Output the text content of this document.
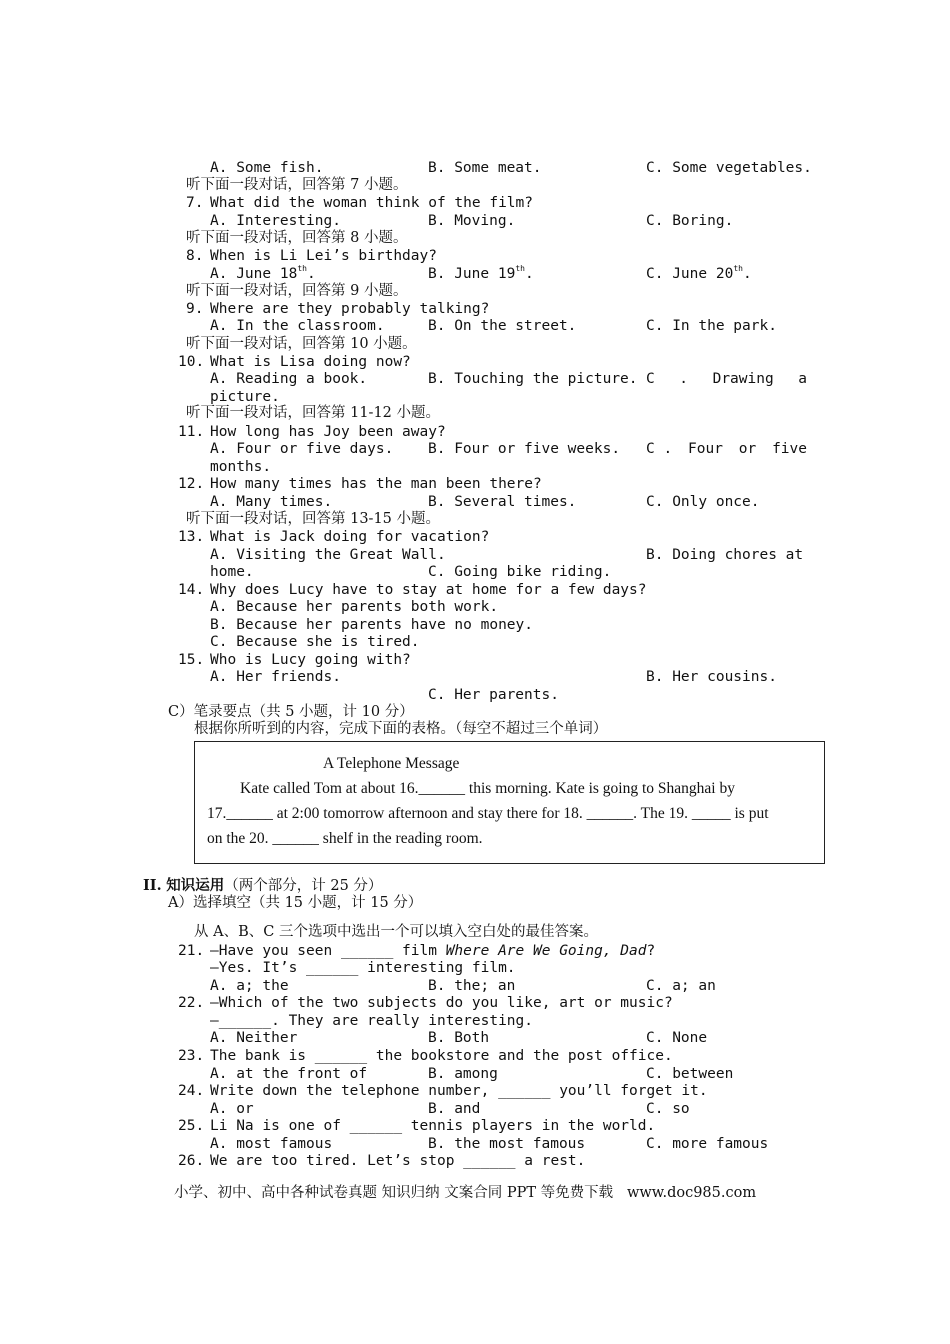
A. Some fish.	B. Some meat.	C. Some vegetables.
听下面一段对话，回答第 7 小题。
7. What did the woman think of the film?
A. Interesting.	B. Moving.	C. Boring.
听下面一段对话，回答第 8 小题。
8. When is Li Lei’s birthday?
A. June 18th.	B. June 19th.	C. June 20th.
听下面一段对话，回答第 9 小题。
9. Where are they probably talking?
A. In the classroom.	B. On the street.	C. In the park.
听下面一段对话，回答第 10 小题。
10. What is Lisa doing now?
A. Reading a book.	B. Touching the picture. C . Drawing a
picture.
听下面一段对话，回答第 11-12 小题。
11. How long has Joy been away?
A. Four or five days. B. Four or five weeks. C . Four or five
months.
12. How many times has the man been there?
A. Many times.	B. Several times.	C. Only once.
听下面一段对话，回答第 13-15 小题。
13. What is Jack doing for vacation?
A. Visiting the Great Wall.	B. Doing chores at
home.	C. Going bike riding.
14. Why does Lucy have to stay at home for a few days?
A. Because her parents both work.
B. Because her parents have no money.
C. Because she is tired.
15. Who is Lucy going with?
A. Her friends.	B. Her cousins.
C. Her parents.
C）笔录要点（共 5 小题，计 10 分）
根据你所听到的内容，完成下面的表格。（每空不超过三个单词）
A Telephone Message
Kate called Tom at about 16.______ this morning. Kate is going to Shanghai by
17.______ at 2:00 tomorrow afternoon and stay there for 18. ______. The 19. _____ is put
on the 20. ______ shelf in the reading room.
II. 知识运用（两个部分，计 25 分）
A）选择填空（共 15 小题，计 15 分）
从 A、B、C 三个选项中选出一个可以填入空白处的最佳答案。
21. —Have you seen ______ film Where Are We Going, Dad?
—Yes. It’s ______ interesting film.
A. a; the	B. the; an	C. a; an
22. —Which of the two subjects do you like, art or music?
—______. They are really interesting.
A. Neither	B. Both	C. None
23. The bank is ______ the bookstore and the post office.
A. at the front of	B. among	C. between
24. Write down the telephone number, ______ you’ll forget it.
A. or	B. and	C. so
25. Li Na is one of ______ tennis players in the world.
A. most famous	B. the most famous	C. more famous
26. We are too tired. Let’s stop ______ a rest.
小学、初中、高中各种试卷真题 知识归纳 文案合同 PPT 等免费下载   www.doc985.com
